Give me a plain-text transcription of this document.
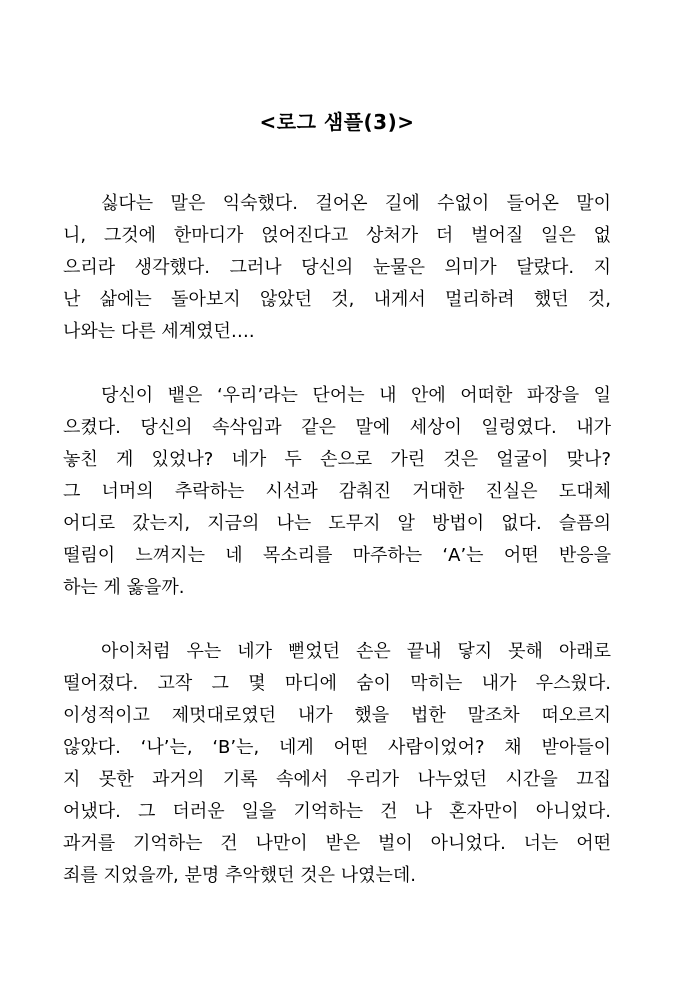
<로그 샘플(3)>
싫다는 말은 익숙했다. 걸어온 길에 수없이 들어온 말이
니, 그것에 한마디가 얹어진다고 상처가 더 벌어질 일은 없
으리라 생각했다. 그러나 당신의 눈물은 의미가 달랐다. 지
난 삶에는 돌아보지 않았던 것, 내게서 멀리하려 했던 것,
나와는 다른 세계였던….
당신이 뱉은 ‘우리’라는 단어는 내 안에 어떠한 파장을 일
으켰다. 당신의 속삭임과 같은 말에 세상이 일렁였다. 내가
놓친 게 있었나? 네가 두 손으로 가린 것은 얼굴이 맞나?
그 너머의 추락하는 시선과 감춰진 거대한 진실은 도대체
어디로 갔는지, 지금의 나는 도무지 알 방법이 없다. 슬픔의
떨림이 느껴지는 네 목소리를 마주하는 ‘A’는 어떤 반응을
하는 게 옳을까.
아이처럼 우는 네가 뻗었던 손은 끝내 닿지 못해 아래로
떨어졌다. 고작 그 몇 마디에 숨이 막히는 내가 우스웠다.
이성적이고 제멋대로였던 내가 했을 법한 말조차 떠오르지
않았다. ‘나’는, ‘B’는, 네게 어떤 사람이었어? 채 받아들이
지 못한 과거의 기록 속에서 우리가 나누었던 시간을 끄집
어냈다. 그 더러운 일을 기억하는 건 나 혼자만이 아니었다.
과거를 기억하는 건 나만이 받은 벌이 아니었다. 너는 어떤
죄를 지었을까, 분명 추악했던 것은 나였는데.
